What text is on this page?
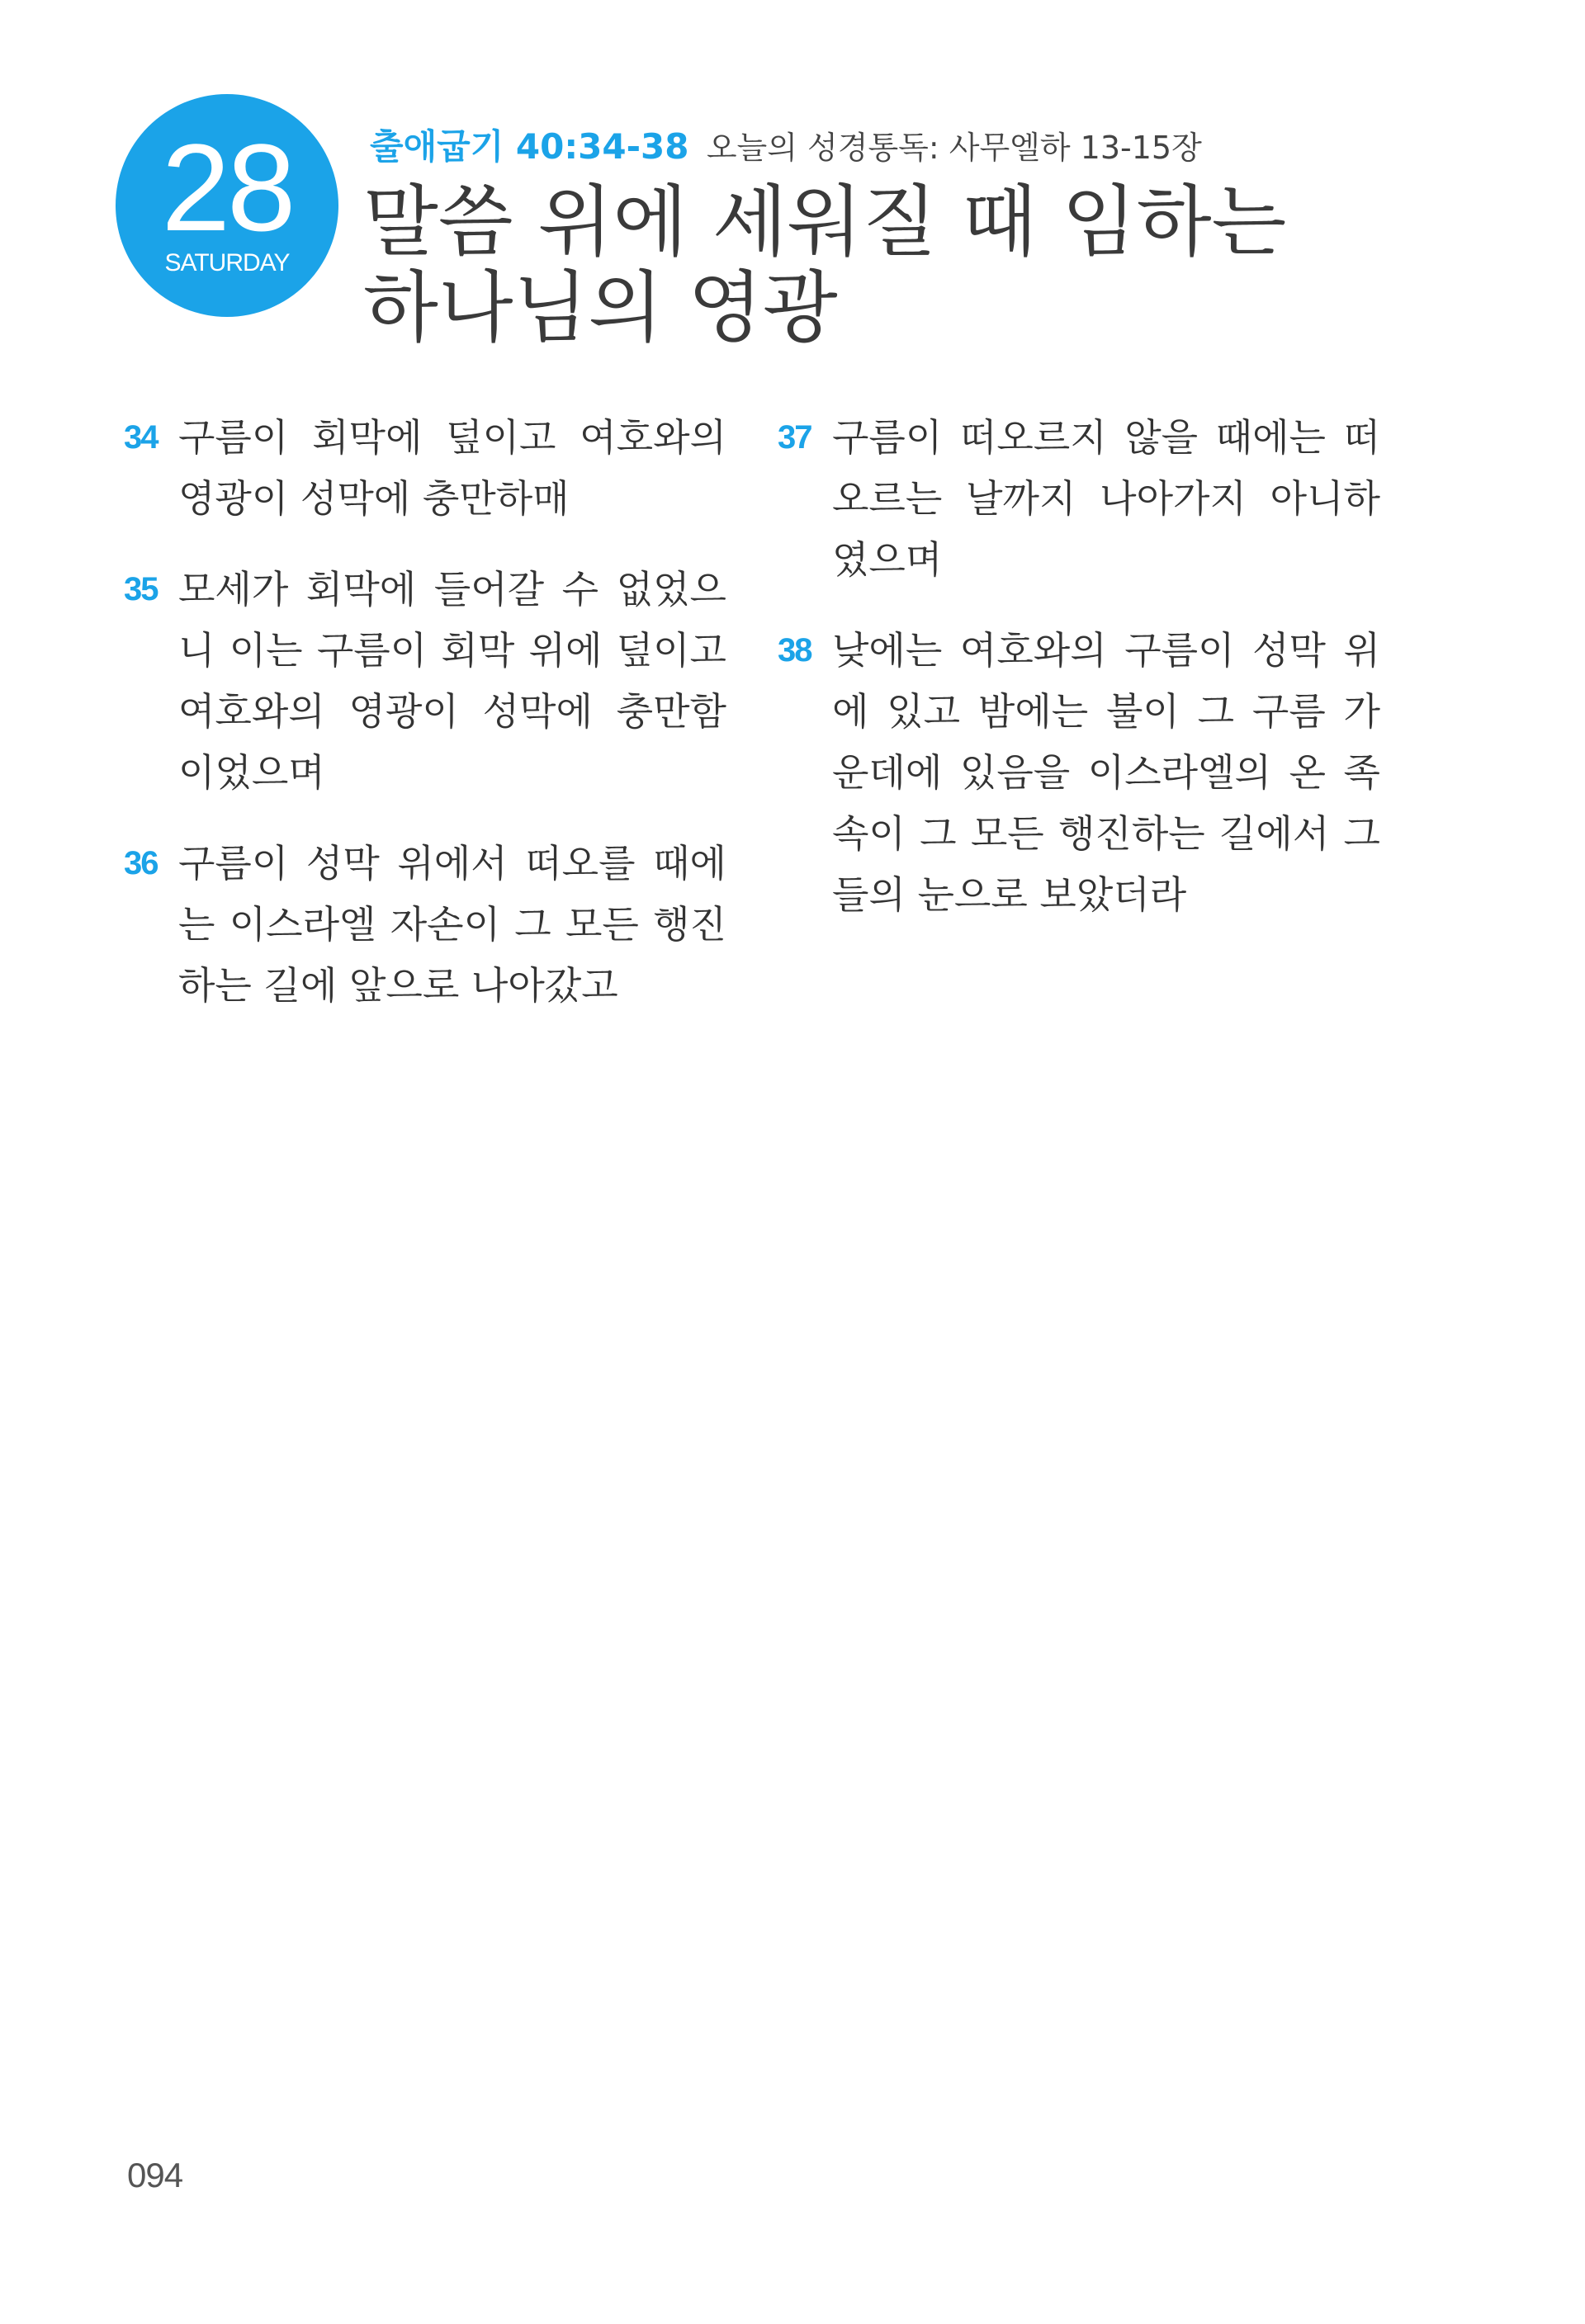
28
SATURDAY
출애굽기 40:34-38 오늘의 성경통독: 사무엘하 13-15장
말씀 위에 세워질 때 임하는
하나님의 영광
34 구름이 회막에 덮이고 여호와의
영광이 성막에 충만하매
35 모세가 회막에 들어갈 수 없었으
니 이는 구름이 회막 위에 덮이고
여호와의 영광이 성막에 충만함
이었으며
36 구름이 성막 위에서 떠오를 때에
는 이스라엘 자손이 그 모든 행진
하는 길에 앞으로 나아갔고
37 구름이 떠오르지 않을 때에는 떠
오르는 날까지 나아가지 아니하
였으며
38 낮에는 여호와의 구름이 성막 위
에 있고 밤에는 불이 그 구름 가
운데에 있음을 이스라엘의 온 족
속이 그 모든 행진하는 길에서 그
들의 눈으로 보았더라
094
